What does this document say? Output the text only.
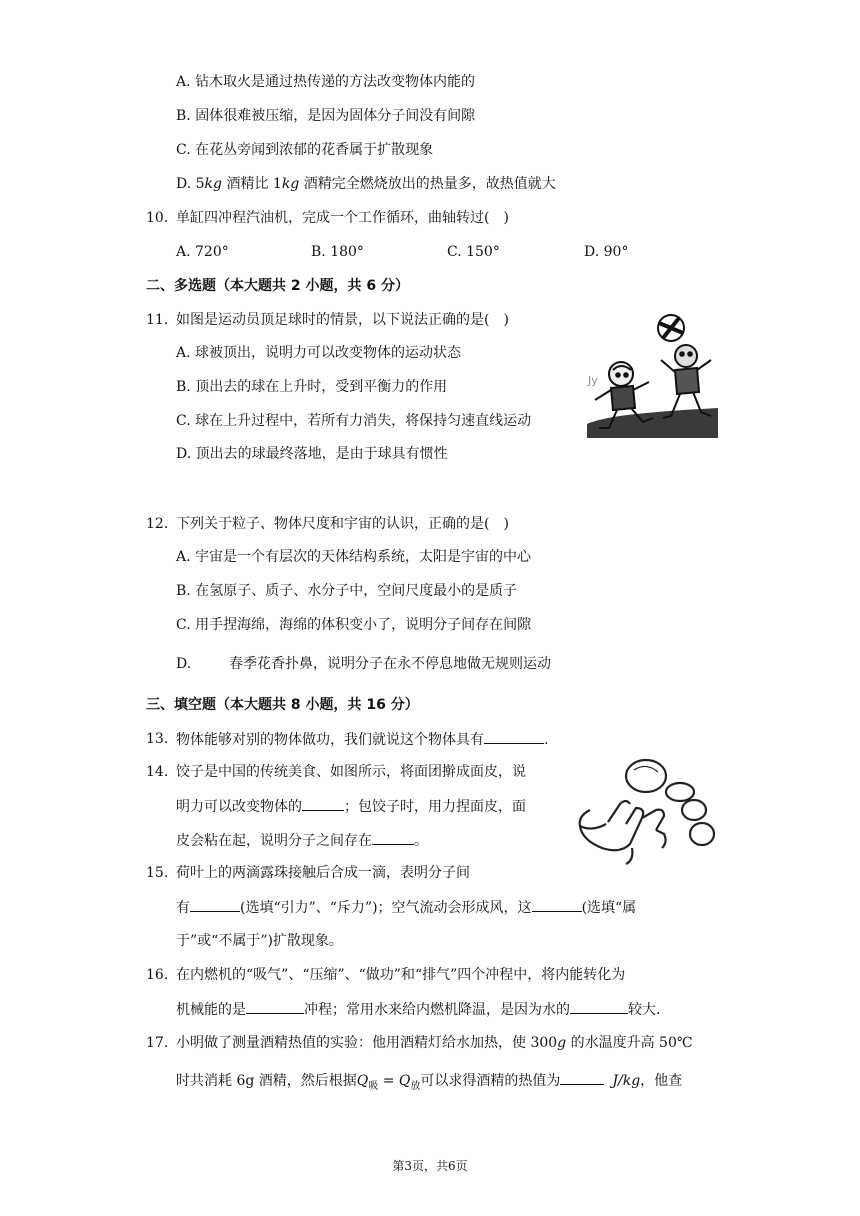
A. 钻木取火是通过热传递的方法改变物体内能的
B. 固体很难被压缩，是因为固体分子间没有间隙
C. 在花丛旁闻到浓郁的花香属于扩散现象
D. 5kg 酒精比 1kg 酒精完全燃烧放出的热量多，故热值就大
10. 单缸四冲程汽油机，完成一个工作循环，曲轴转过(　)
A. 720°	B. 180°	C. 150°	D. 90°
二、多选题（本大题共 2 小题，共 6 分）
11. 如图是运动员顶足球时的情景，以下说法正确的是(　)
A. 球被顶出，说明力可以改变物体的运动状态
B. 顶出去的球在上升时，受到平衡力的作用
C. 球在上升过程中，若所有力消失，将保持匀速直线运动
D. 顶出去的球最终落地，是由于球具有惯性
Jy
12. 下列关于粒子、物体尺度和宇宙的认识，正确的是(　)
A. 宇宙是一个有层次的天体结构系统，太阳是宇宙的中心
B. 在氢原子、质子、水分子中，空间尺度最小的是质子
C. 用手捏海绵，海绵的体积变小了，说明分子间存在间隙
D.	春季花香扑鼻，说明分子在永不停息地做无规则运动
三、填空题（本大题共 8 小题，共 16 分）
13. 物体能够对别的物体做功，我们就说这个物体具有	.
14. 饺子是中国的传统美食、如图所示，将面团擀成面皮，说
明力可以改变物体的	；包饺子时，用力捏面皮，面
皮会粘在起，说明分子之间存在	。
15. 荷叶上的两滴露珠接触后合成一滴，表明分子间
有	(选填“引力”、“斥力”)；空气流动会形成风，这	(选填“属
于”或“不属于”)扩散现象。
16. 在内燃机的“吸气”、“压缩”、“做功”和“排气”四个冲程中，将内能转化为
机械能的是	冲程；常用水来给内燃机降温，是因为水的	较大.
17. 小明做了测量酒精热值的实验：他用酒精灯给水加热，使 300g 的水温度升高 50℃
时共消耗 6g 酒精，然后根据$Q_吸 = Q_放$可以求得酒精的热值为	J/kg，他查
第3页，共6页
